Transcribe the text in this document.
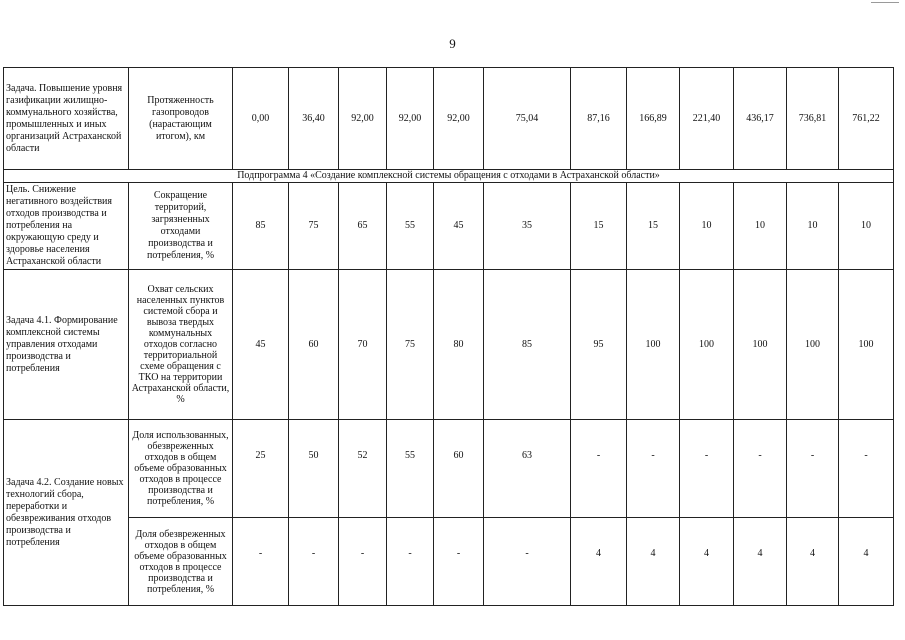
9
Задача. Повышение уровня газификации жилищно-коммунального хозяйства, промышленных и иных организаций Астраханской области	Протяженность газопроводов (нарастающим итогом), км	0,00	36,40	92,00	92,00	92,00	75,04	87,16	166,89	221,40	436,17	736,81	761,22
Подпрограмма 4 «Создание комплексной системы обращения с отходами в Астраханской области»													
Цель. Снижение негативного воздействия отходов производства и потребления на окружающую среду и здоровье населения Астраханской области	Сокращение территорий, загрязненных отходами производства и потребления, %	85	75	65	55	45	35	15	15	10	10	10	10
Задача 4.1. Формирование комплексной системы управления отходами производства и потребления	Охват сельских населенных пунктов системой сбора и вывоза твердых коммунальных отходов согласно территориальной схеме обращения с ТКО на территории Астраханской области, %	45	60	70	75	80	85	95	100	100	100	100	100
Задача 4.2. Создание новых технологий сбора, переработки и обезвреживания отходов производства и потребления	Доля использованных, обезвреженных отходов в общем объеме образованных отходов в процессе производства и потребления, %	25	50	52	55	60	63	-	-	-	-	-	-
	Доля обезвреженных отходов в общем объеме образованных отходов в процессе производства и потребления, %	-	-	-	-	-	-	4	4	4	4	4	4
